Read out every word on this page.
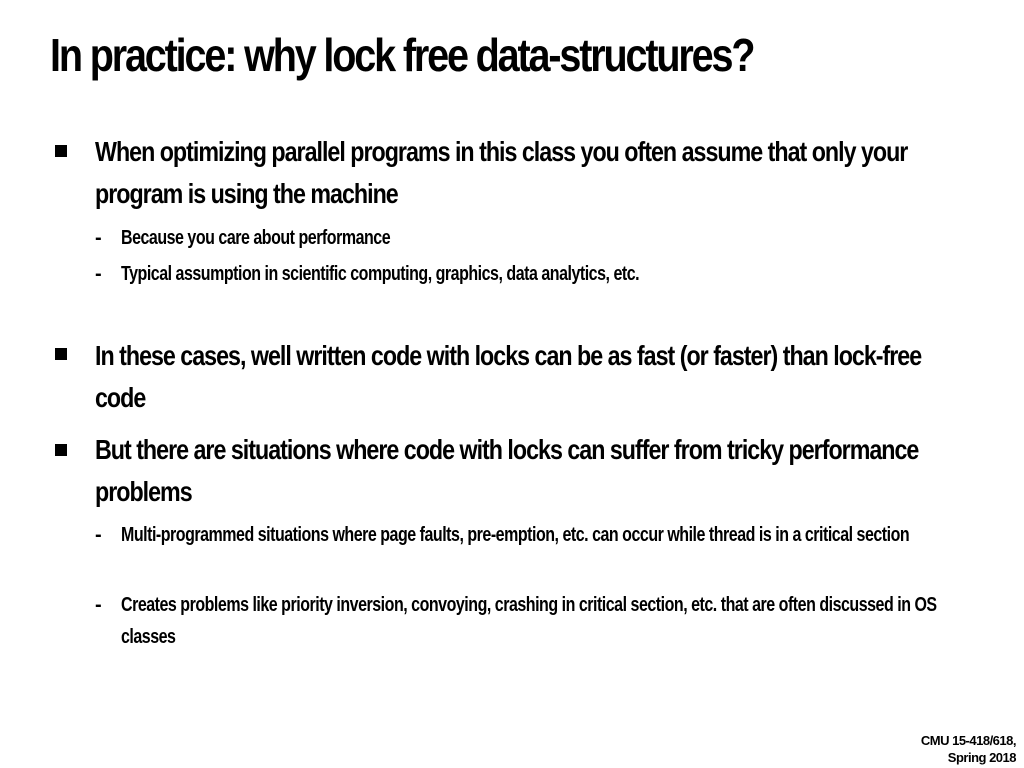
In practice: why lock free data-structures?
When optimizing parallel programs in this class you often assume that only your program is using the machine
- Because you care about performance
- Typical assumption in scientific computing, graphics, data analytics, etc.
In these cases, well written code with locks can be as fast (or faster) than lock-free code
But there are situations where code with locks can suffer from tricky performance problems
- Multi-programmed situations where page faults, pre-emption, etc. can occur while thread is in a critical section
- Creates problems like priority inversion, convoying, crashing in critical section, etc. that are often discussed in OS classes
CMU 15-418/618,
Spring 2018
